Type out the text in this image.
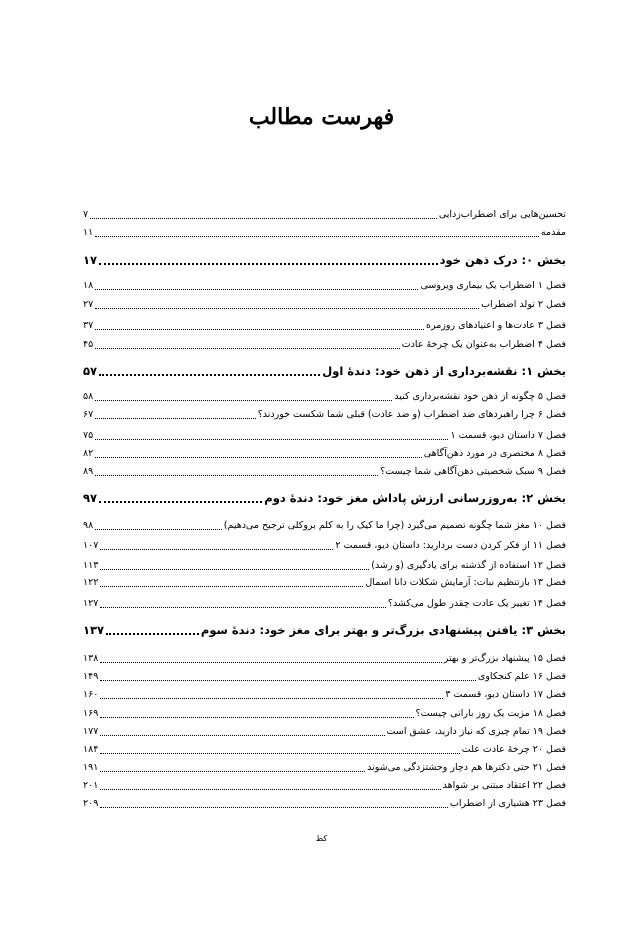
فهرست مطالب
تحسین‌هایی برای اضطراب‌زدایی
۷
مقدمه
۱۱
بخش ۰: درک ذهن خود
۱۷
فصل ۱ اضطراب یک بیماری ویروسی
۱۸
فصل ۲ تولد اضطراب
۲۷
فصل ۳ عادت‌ها و اعتیادهای روزمره
۳۷
فصل ۴ اضطراب به‌عنوان یک چرخهٔ عادت
۴۵
بخش ۱: نقشه‌برداری از ذهن خود: دندهٔ اول
۵۷
فصل ۵ چگونه از ذهن خود نقشه‌برداری کنید
۵۸
فصل ۶ چرا راهبردهای ضد اضطراب (و ضد عادت) قبلی شما شکست خوردند؟
۶۷
فصل ۷ داستان دیو، قسمت ۱
۷۵
فصل ۸ مختصری در مورد ذهن‌آگاهی
۸۲
فصل ۹ سبک شخصیتی ذهن‌آگاهی شما چیست؟
۸۹
بخش ۲: به‌روزرسانی ارزش پاداش مغز خود: دندهٔ دوم
۹۷
فصل ۱۰ مغز شما چگونه تصمیم می‌گیرد (چرا ما کیک را به کلم بروکلی ترجیح می‌دهیم)
۹۸
فصل ۱۱ از فکر کردن دست بردارید: داستان دیو، قسمت ۲
۱۰۷
فصل ۱۲ استفاده از گذشته برای یادگیری (و رشد)
۱۱۳
فصل ۱۳ بازتنظیم نبات: آزمایش شکلات دانا اسمال
۱۲۲
فصل ۱۴ تغییر یک عادت چقدر طول می‌کشد؟
۱۲۷
بخش ۳: یافتن پیشنهادی بزرگ‌تر و بهتر برای مغز خود: دندهٔ سوم
۱۳۷
فصل ۱۵ پیشنهاد بزرگ‌تر و بهتر
۱۳۸
فصل ۱۶ علم کنجکاوی
۱۴۹
فصل ۱۷ داستان دیو، قسمت ۳
۱۶۰
فصل ۱۸ مزیت یک روز بارانی چیست؟
۱۶۹
فصل ۱۹ تمام چیزی که نیاز دارید، عشق است
۱۷۷
فصل ۲۰ چرخهٔ عادت علت
۱۸۴
فصل ۲۱ حتی دکترها هم دچار وحشتزدگی می‌شوند
۱۹۱
فصل ۲۲ اعتقاد مبتنی بر شواهد
۲۰۱
فصل ۲۳ هشیاری از اضطراب
۲۰۹
کط
